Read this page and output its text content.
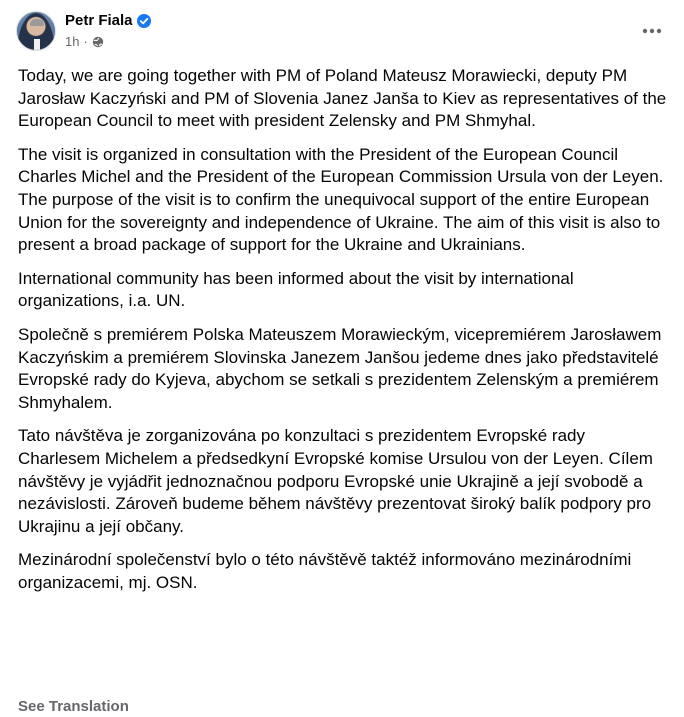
Petr Fiala
1h ·

Today, we are going together with PM of Poland Mateusz Morawiecki, deputy PM Jarosław Kaczyński and PM of Slovenia Janez Janša to Kiev as representatives of the European Council to meet with president Zelensky and PM Shmyhal.

The visit is organized in consultation with the President of the European Council Charles Michel and the President of the European Commission Ursula von der Leyen. The purpose of the visit is to confirm the unequivocal support of the entire European Union for the sovereignty and independence of Ukraine. The aim of this visit is also to present a broad package of support for the Ukraine and Ukrainians.

International community has been informed about the visit by international organizations, i.a. UN.

Společně s premiérem Polska Mateuszem Morawieckým, vicepremiérem Jarosławem Kaczyńskim a premiérem Slovinska Janezem Janšou jedeme dnes jako představitelé Evropské rady do Kyjeva, abychom se setkali s prezidentem Zelenským a premiérem Shmyhalem.

Tato návštěva je zorganizována po konzultaci s prezidentem Evropské rady Charlesem Michelem a předsedkyní Evropské komise Ursulou von der Leyen. Cílem návštěvy je vyjádřit jednoznačnou podporu Evropské unie Ukrajině a její svobodě a nezávislosti. Zároveň budeme během návštěvy prezentovat široký balík podpory pro Ukrajinu a její občany.

Mezinárodní společenství bylo o této návštěvě taktéž informováno mezinárodními organizacemi, mj. OSN.

See Translation
